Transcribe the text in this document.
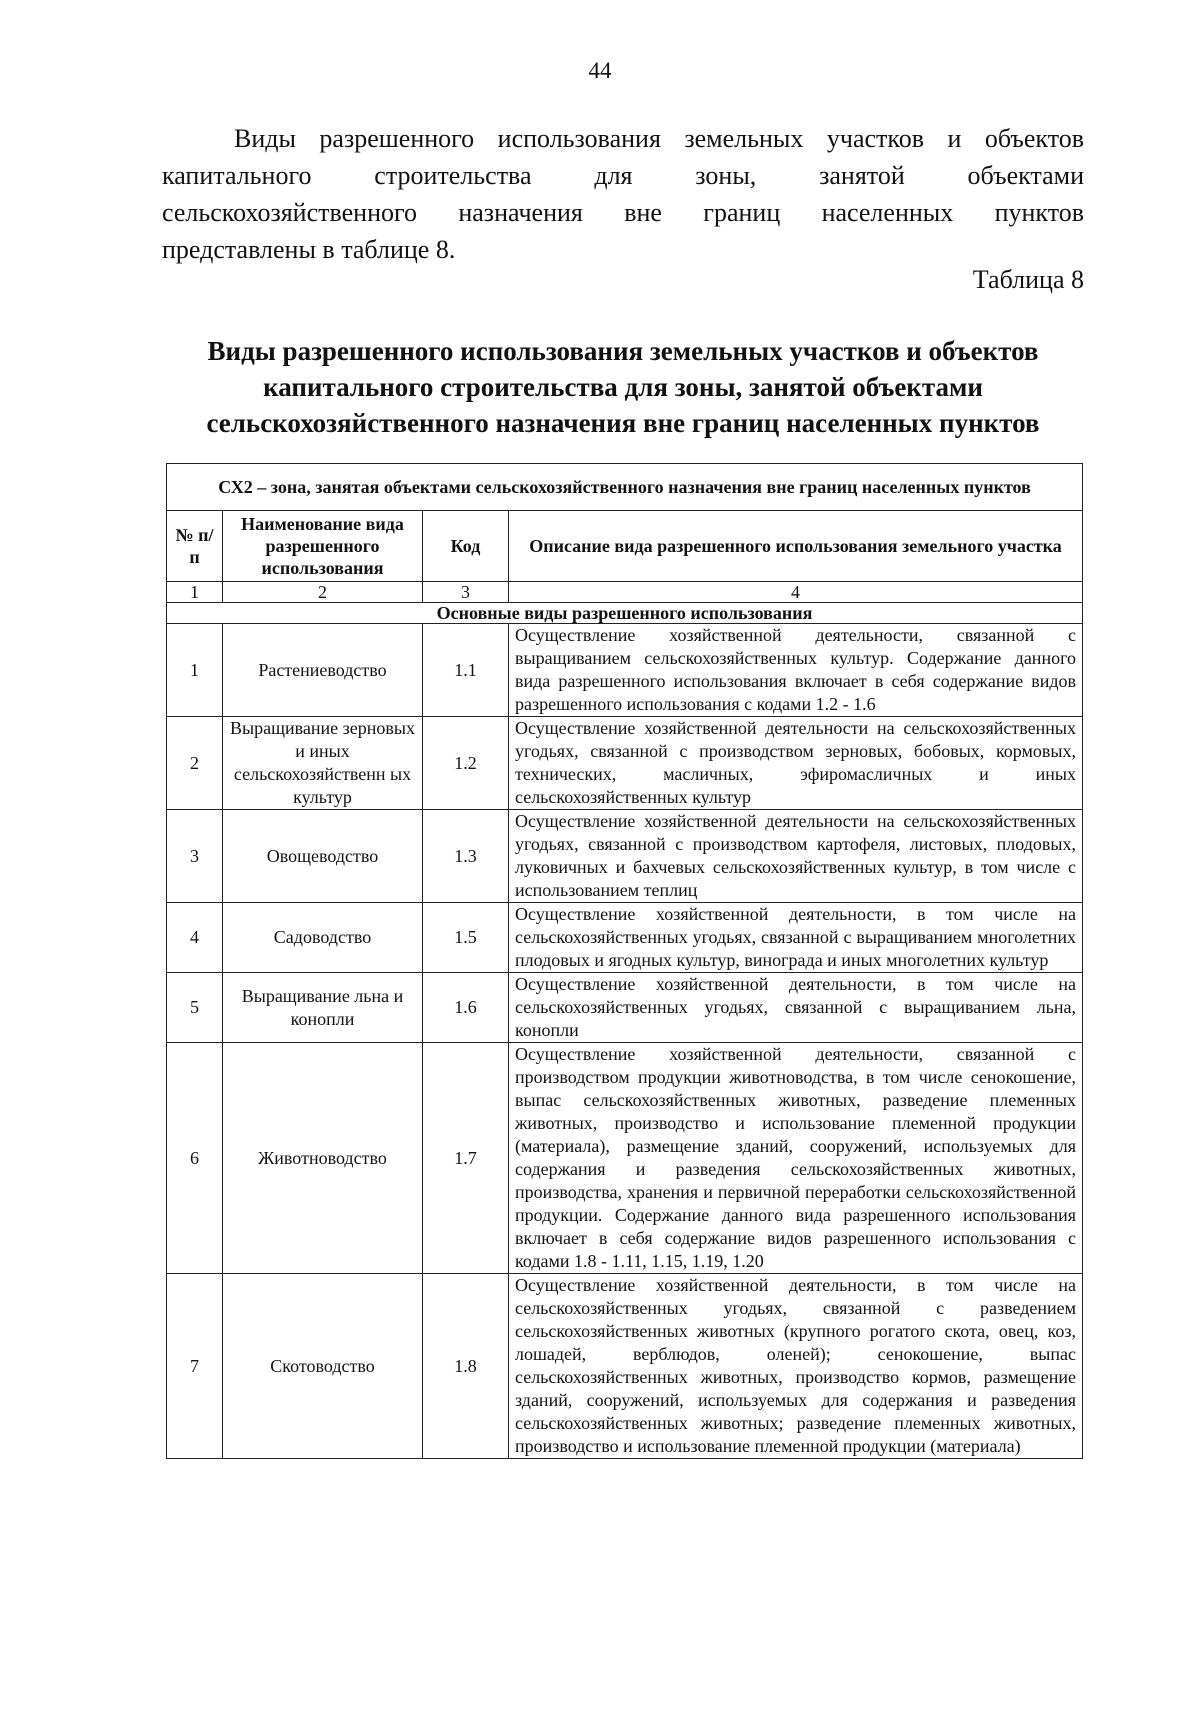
44
Виды разрешенного использования земельных участков и объектов
капитального строительства для зоны, занятой объектами
сельскохозяйственного назначения вне границ населенных пунктов
представлены в таблице 8.
Таблица 8
Виды разрешенного использования земельных участков и объектов
капитального строительства для зоны, занятой объектами
сельскохозяйственного назначения вне границ населенных пунктов
СХ2 – зона, занятая объектами сельскохозяйственного назначения вне границ населенных пунктов			
№ п/п	Наименование вида разрешенного использования	Код	Описание вида разрешенного использования земельного участка
1	2	3	4
Основные виды разрешенного использования			
1	Растениеводство	1.1	Осуществление хозяйственной деятельности, связанной с выращиванием сельскохозяйственных культур. Содержание данного вида разрешенного использования включает в себя содержание видов разрешенного использования с кодами 1.2 - 1.6
2	Выращивание зерновых и иных сельскохозяйственн ых культур	1.2	Осуществление хозяйственной деятельности на сельскохозяйственных угодьях, связанной с производством зерновых, бобовых, кормовых, технических, масличных, эфиромасличных и иных сельскохозяйственных культур
3	Овощеводство	1.3	Осуществление хозяйственной деятельности на сельскохозяйственных угодьях, связанной с производством картофеля, листовых, плодовых, луковичных и бахчевых сельскохозяйственных культур, в том числе с использованием теплиц
4	Садоводство	1.5	Осуществление хозяйственной деятельности, в том числе на сельскохозяйственных угодьях, связанной с выращиванием многолетних плодовых и ягодных культур, винограда и иных многолетних культур
5	Выращивание льна и конопли	1.6	Осуществление хозяйственной деятельности, в том числе на сельскохозяйственных угодьях, связанной с выращиванием льна, конопли
6	Животноводство	1.7	Осуществление хозяйственной деятельности, связанной с производством продукции животноводства, в том числе сенокошение, выпас сельскохозяйственных животных, разведение племенных животных, производство и использование племенной продукции (материала), размещение зданий, сооружений, используемых для содержания и разведения сельскохозяйственных животных, производства, хранения и первичной переработки сельскохозяйственной продукции. Содержание данного вида разрешенного использования включает в себя содержание видов разрешенного использования с кодами 1.8 - 1.11, 1.15, 1.19, 1.20
7	Скотоводство	1.8	Осуществление хозяйственной деятельности, в том числе на сельскохозяйственных угодьях, связанной с разведением сельскохозяйственных животных (крупного рогатого скота, овец, коз, лошадей, верблюдов, оленей); сенокошение, выпас сельскохозяйственных животных, производство кормов, размещение зданий, сооружений, используемых для содержания и разведения сельскохозяйственных животных; разведение племенных животных, производство и использование племенной продукции (материала)
